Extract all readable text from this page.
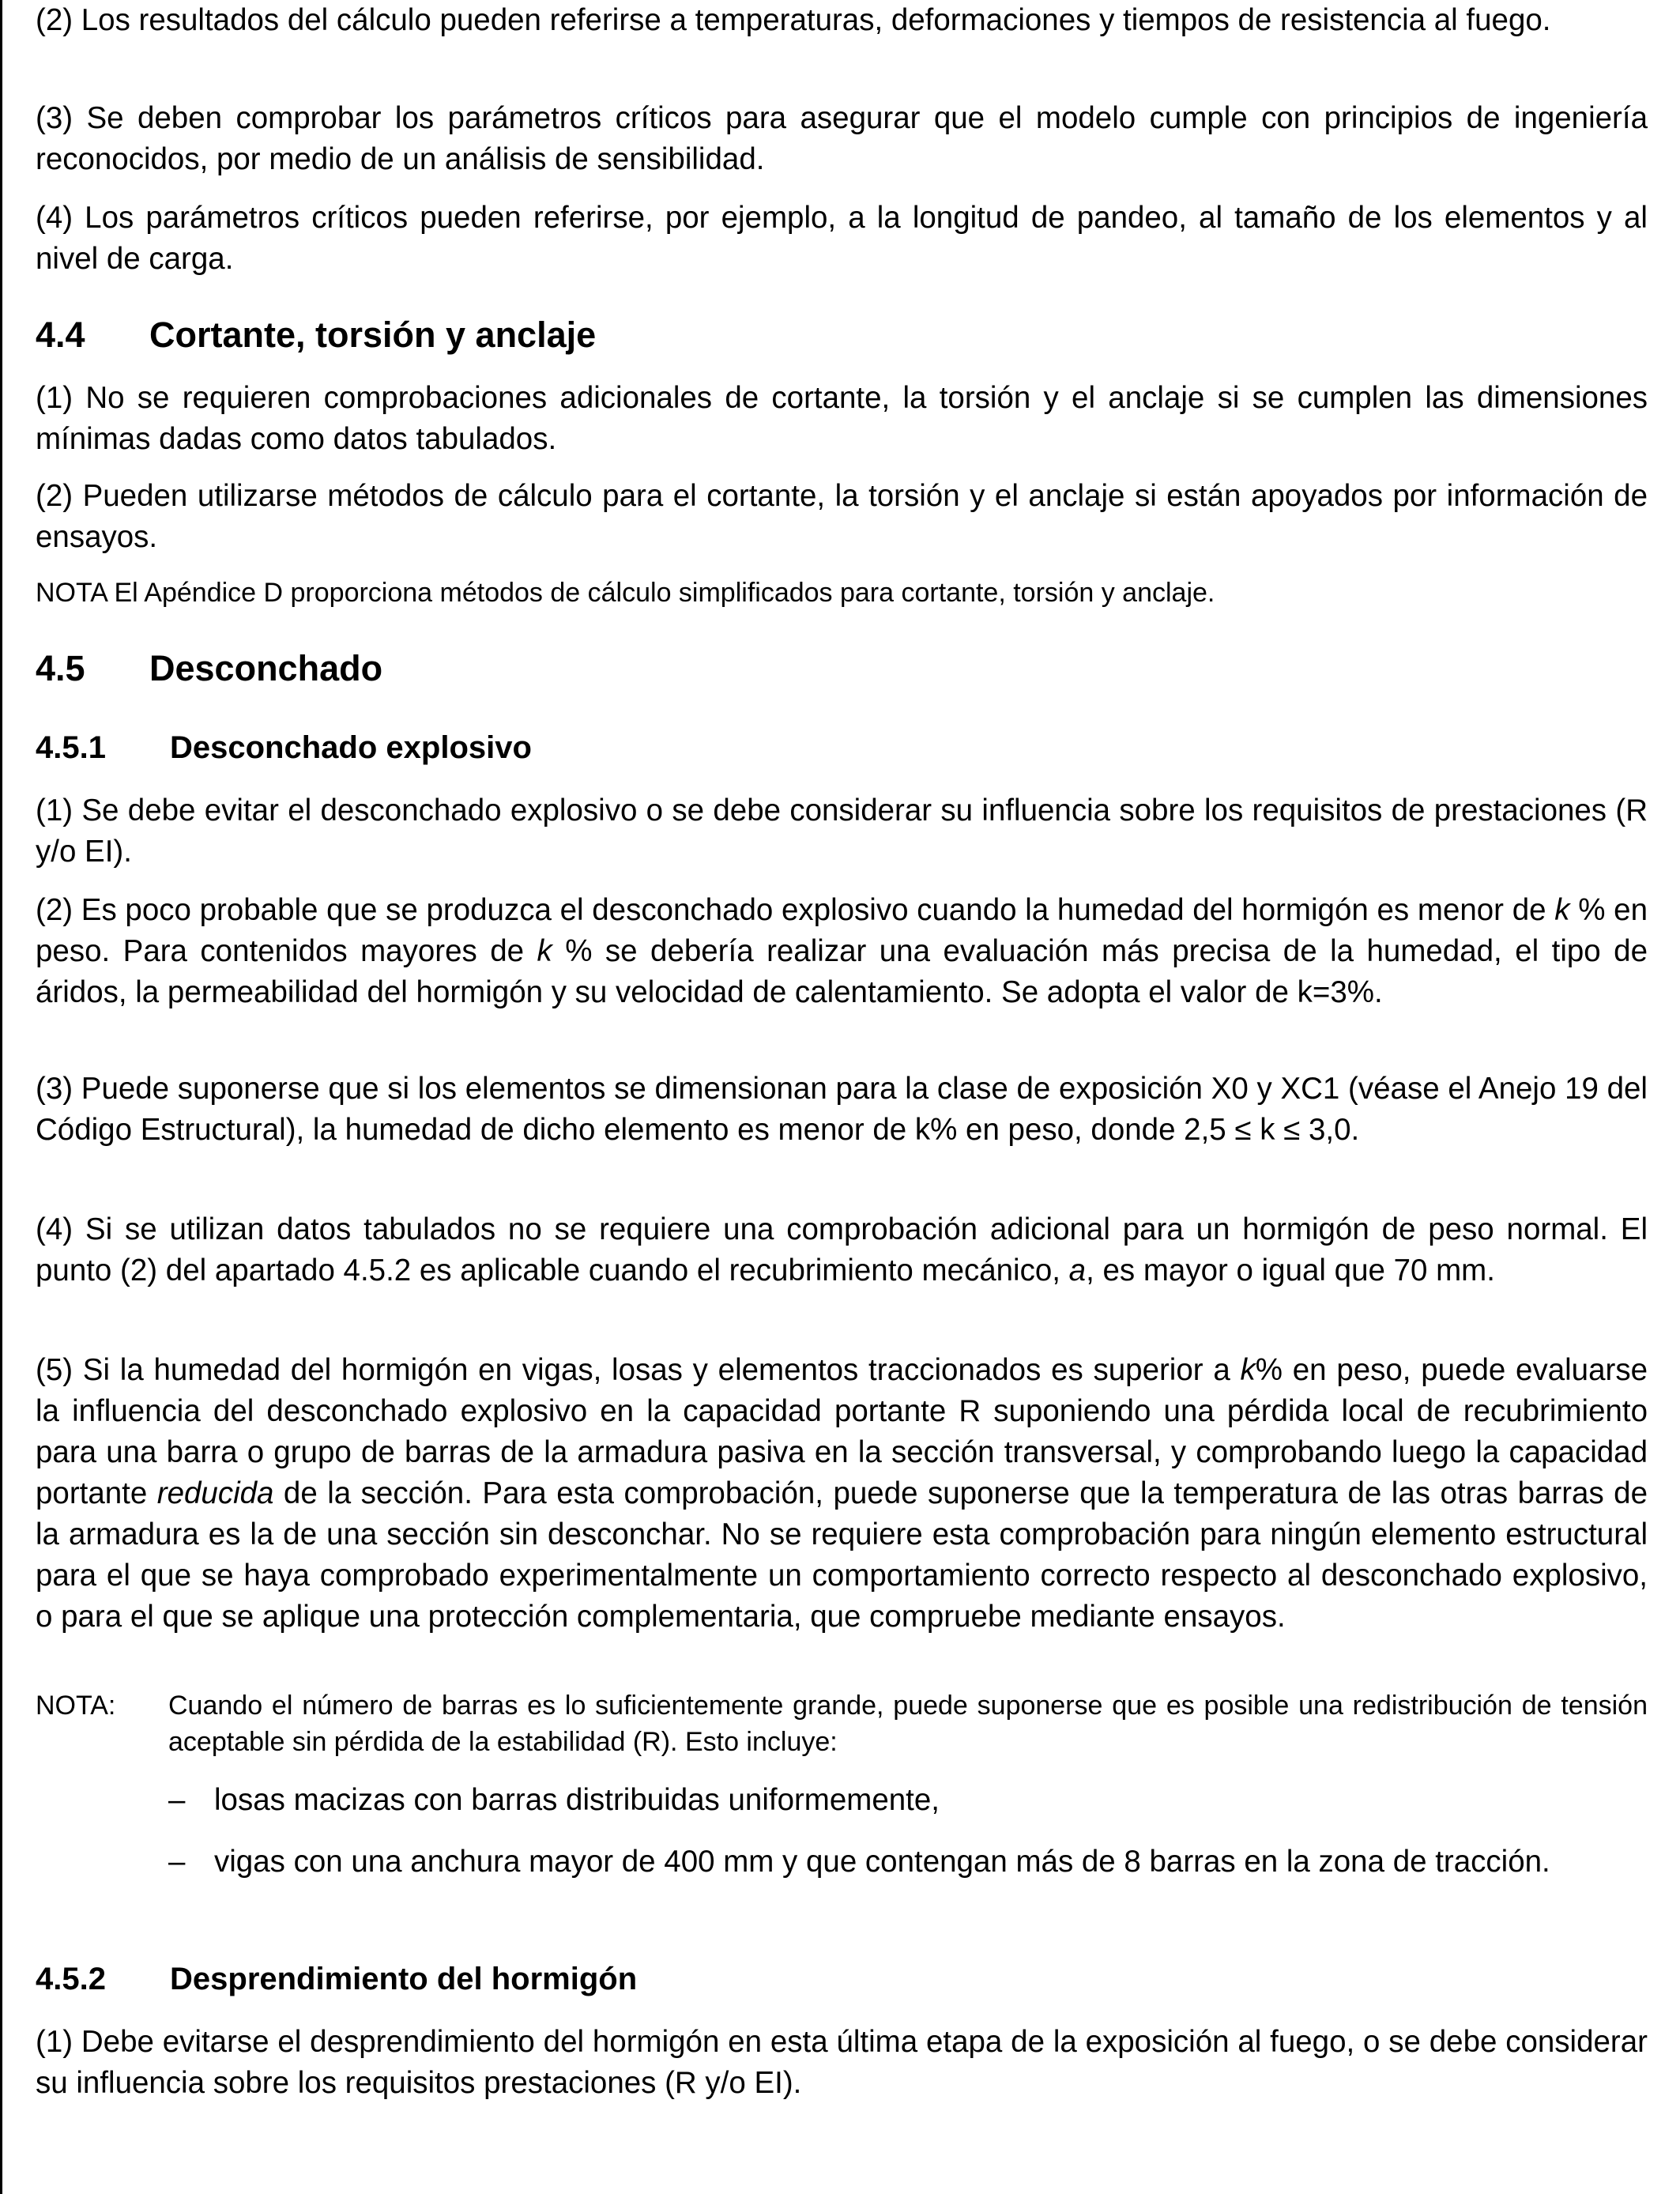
(2) Los resultados del cálculo pueden referirse a temperaturas, deformaciones y tiempos de resistencia al fuego.

(3) Se deben comprobar los parámetros críticos para asegurar que el modelo cumple con principios de ingeniería reconocidos, por medio de un análisis de sensibilidad.

(4) Los parámetros críticos pueden referirse, por ejemplo, a la longitud de pandeo, al tamaño de los elementos y al nivel de carga.

4.4 Cortante, torsión y anclaje

(1) No se requieren comprobaciones adicionales de cortante, la torsión y el anclaje si se cumplen las dimensiones mínimas dadas como datos tabulados.

(2) Pueden utilizarse métodos de cálculo para el cortante, la torsión y el anclaje si están apoyados por información de ensayos.

NOTA El Apéndice D proporciona métodos de cálculo simplificados para cortante, torsión y anclaje.

4.5 Desconchado
4.5.1 Desconchado explosivo

(1) Se debe evitar el desconchado explosivo o se debe considerar su influencia sobre los requisitos de prestaciones (R y/o EI).

(2) Es poco probable que se produzca el desconchado explosivo cuando la humedad del hormigón es menor de k % en peso. Para contenidos mayores de k % se debería realizar una evaluación más precisa de la humedad, el tipo de áridos, la permeabilidad del hormigón y su velocidad de calentamiento. Se adopta el valor de k=3%.

(3) Puede suponerse que si los elementos se dimensionan para la clase de exposición X0 y XC1 (véase el Anejo 19 del Código Estructural), la humedad de dicho elemento es menor de k% en peso, donde 2,5 ≤ k ≤ 3,0.

(4) Si se utilizan datos tabulados no se requiere una comprobación adicional para un hormigón de peso normal. El punto (2) del apartado 4.5.2 es aplicable cuando el recubrimiento mecánico, a, es mayor o igual que 70 mm.

(5) Si la humedad del hormigón en vigas, losas y elementos traccionados es superior a k% en peso, puede evaluarse la influencia del desconchado explosivo en la capacidad portante R suponiendo una pérdida local de recubrimiento para una barra o grupo de barras de la armadura pasiva en la sección transversal, y comprobando luego la capacidad portante reducida de la sección. Para esta comprobación, puede suponerse que la temperatura de las otras barras de la armadura es la de una sección sin desconchar. No se requiere esta comprobación para ningún elemento estructural para el que se haya comprobado experimentalmente un comportamiento correcto respecto al desconchado explosivo, o para el que se aplique una protección complementaria, que compruebe mediante ensayos.

NOTA: Cuando el número de barras es lo suficientemente grande, puede suponerse que es posible una redistribución de tensión aceptable sin pérdida de la estabilidad (R). Esto incluye:

– losas macizas con barras distribuidas uniformemente,

– vigas con una anchura mayor de 400 mm y que contengan más de 8 barras en la zona de tracción.

4.5.2 Desprendimiento del hormigón

(1) Debe evitarse el desprendimiento del hormigón en esta última etapa de la exposición al fuego, o se debe considerar su influencia sobre los requisitos prestaciones (R y/o EI).
